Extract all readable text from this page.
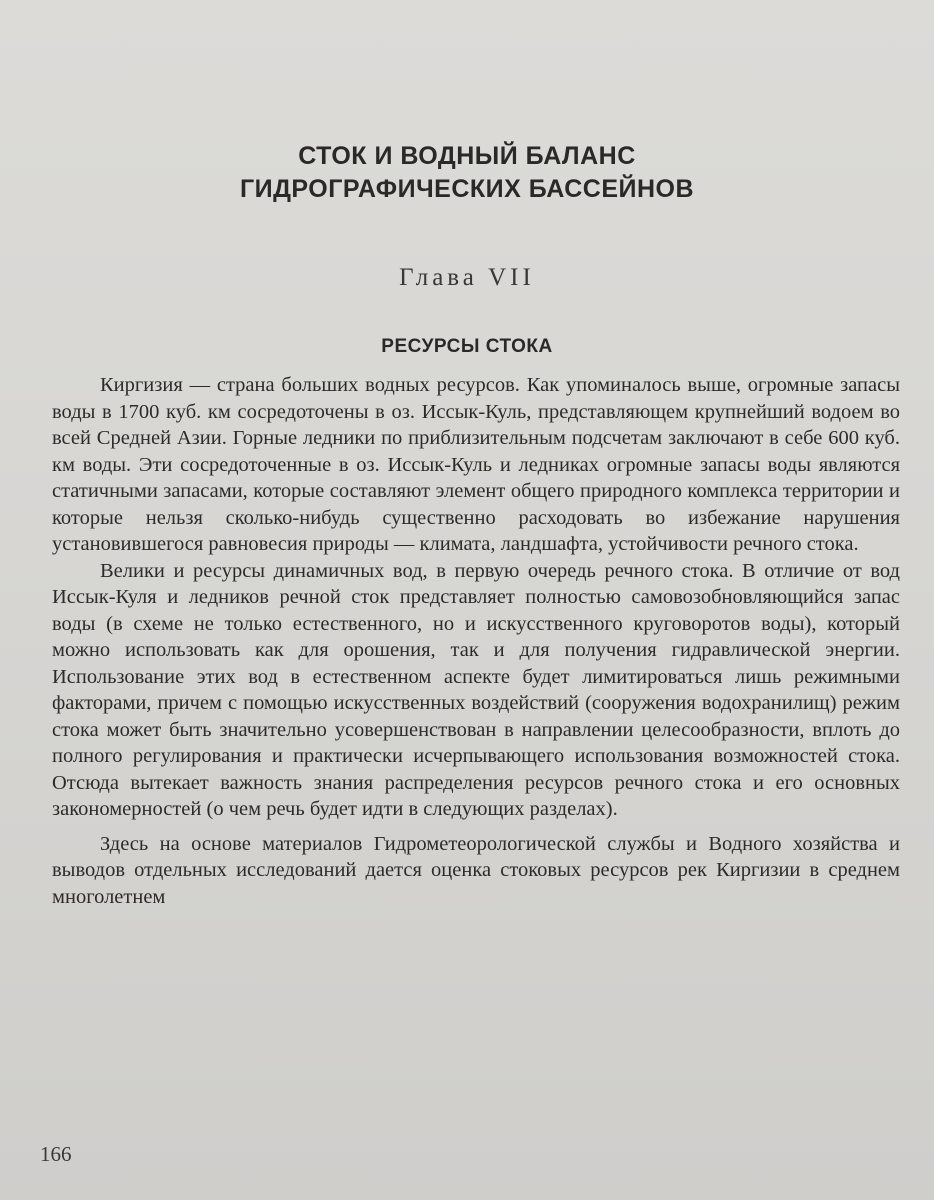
СТОК И ВОДНЫЙ БАЛАНС
ГИДРОГРАФИЧЕСКИХ БАССЕЙНОВ
Глава VII
РЕСУРСЫ СТОКА

Киргизия — страна больших водных ресурсов. Как упоминалось выше, огромные запасы воды в 1700 куб. км сосредоточены в оз. Иссык-Куль, представляющем крупнейший водоем во всей Средней Азии. Горные ледники по приблизительным подсчетам заключают в себе 600 куб. км воды. Эти сосредоточенные в оз. Иссык-Куль и ледниках огромные запасы воды являются статичными запасами, которые составляют элемент общего природного комплекса территории и которые нельзя сколько-нибудь существенно расходовать во избежание нарушения установившегося равновесия природы — климата, ландшафта, устойчивости речного стока.

Велики и ресурсы динамичных вод, в первую очередь речного стока. В отличие от вод Иссык-Куля и ледников речной сток представляет полностью самовозобновляющийся запас воды (в схеме не только естественного, но и искусственного круговоротов воды), который можно использовать как для орошения, так и для получения гидравлической энергии. Использование этих вод в естественном аспекте будет лимитироваться лишь режимными факторами, причем с помощью искусственных воздействий (сооружения водохранилищ) режим стока может быть значительно усовершенствован в направлении целесообразности, вплоть до полного регулирования и практически исчерпывающего использования возможностей стока. Отсюда вытекает важность знания распределения ресурсов речного стока и его основных закономерностей (о чем речь будет идти в следующих разделах).

Здесь на основе материалов Гидрометеорологической службы и Водного хозяйства и выводов отдельных исследований дается оценка стоковых ресурсов рек Киргизии в среднем многолетнем

166
